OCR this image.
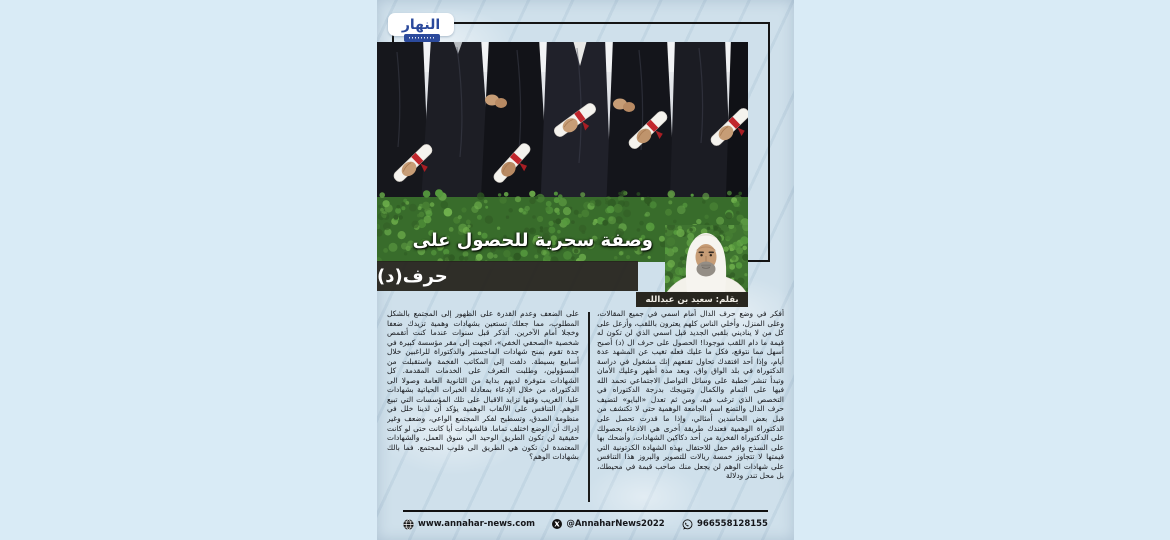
النهار
وصفة سحرية للحصول على
حرف(د)
بقلم: سعيد بن عبدالله
أفكر في وضع حرف الدال أمام اسمي في جميع المقالات، وعلى المنزل، وأخلي الناس كلهم يعترون باللقب، وأزعل على كل من لا يناديني بلقبي الجديد قبل اسمي الذي لن تكون له قيمة ما دام اللقب موجودا! الحصول على حرف ال (د) أصبح أسهل مما نتوقع، فكل ما عليك فعله تغيب عن المشهد عدة أيام، وإذا أحد افتقدك تحاول تقنعهم إنك مشغول في دراسة الدكتوراة في بلد الواق واق، وبعد مدة أظهر وعليك الأمان وتبدأ تنشر خطبة على وسائل التواصل الاجتماعي تحمد الله فيها على التمام والكمال وتتويجك بدرجة الدكتوراه في التخصص الذي ترغب فيه، ومن ثم تعدل «البايو» لتضيف حرف الدال والتضع اسم الجامعة الوهمية حتى لا تكتشف من قبل بعض الحاسدين أمثالي، وإذا ما قدرت تحصل على الدكتوراة الوهمية فعندك طريقة أخرى هي الادعاء بحصولك على الدكتوراة الفخرية من أحد دكاكين الشهادات، وأضحك بها على السذج واقم حفل للاحتفال بهذه الشهادة الكرتونية التي قيمتها لا تتجاوز خمسة ريالات للتصوير والبروز هذا التنافس على شهادات الوهم لن يجعل منك صاحب قيمة في محيطك، بل محل تندر ودلالة
على الضعف وعدم القدرة على الظهور إلى المجتمع بالشكل المطلوب، مما جعلك تستعين بشهادات وهمية تزيدك ضعفا وخجلا أمام الآخرين. أتذكر قبل سنوات عندما كنت أتقمص شخصية «الصحفي الخفي»، اتجهت إلى مقر مؤسسة كبيرة في جدة تقوم بمنح شهادات الماجستير والدكتوراة للراغبين خلال أسابيع بسيطة. دلفت إلى المكاتب الفخمة واستقبلت من المسؤولين، وطلبت التعرف على الخدمات المقدمة. كل الشهادات متوفرة لديهم بداية من الثانوية العامة وصولا الى الدكتوراة، من خلال الإدعاء بمعادلة الخبرات الحياتية بشهادات عليا. الغريب وقتها تزايد الاقبال على تلك المؤسسات التي تبيع الوهم. التنافس على الألقاب الوهمية يؤكد أن لدينا خلل في منظومة الصدق، وتسطيح لفكر المجتمع الواعي، وضعف وغير إدراك أن الوضع اختلف تماما. فالشهادات أيا كانت حتى لو كانت حقيقية لن تكون الطريق الوحيد الي سوق العمل، والشهادات المعتمدة لن تكون هي الطريق الى قلوب المجتمع. فما بالك بشهادات الوهم؟
www.annahar-news.com	@AnnaharNews2022	966558128155
